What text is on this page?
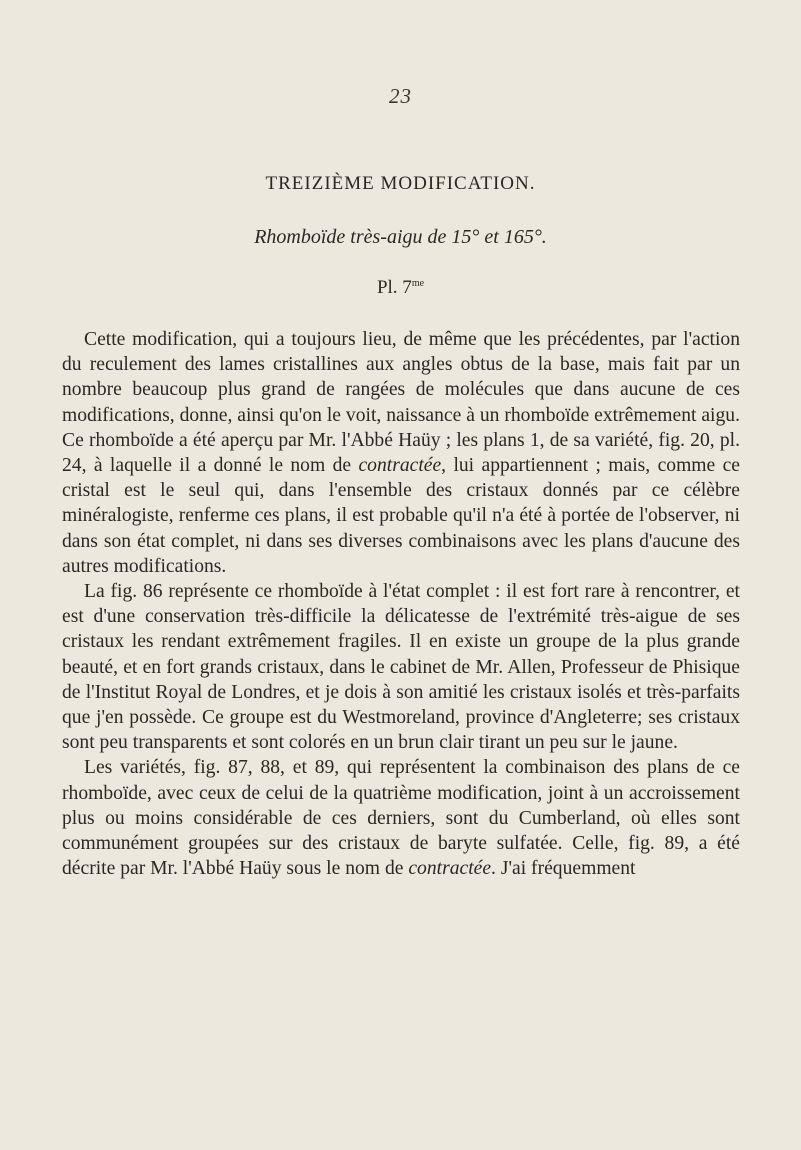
23
TREIZIÈME MODIFICATION.
Rhomboïde très-aigu de 15° et 165°.
Pl. $7^{me}$

Cette modification, qui a toujours lieu, de même que les précédentes, par l'action du reculement des lames cristallines aux angles obtus de la base, mais fait par un nombre beaucoup plus grand de rangées de molécules que dans aucune de ces modifications, donne, ainsi qu'on le voit, naissance à un rhomboïde extrêmement aigu. Ce rhomboïde a été aperçu par Mr. l'Abbé Haüy ; les plans 1, de sa variété, fig. 20, pl. 24, à laquelle il a donné le nom de contractée, lui appartiennent ; mais, comme ce cristal est le seul qui, dans l'ensemble des cristaux donnés par ce célèbre minéralogiste, renferme ces plans, il est probable qu'il n'a été à portée de l'observer, ni dans son état complet, ni dans ses diverses combinaisons avec les plans d'aucune des autres modifications.

La fig. 86 représente ce rhomboïde à l'état complet : il est fort rare à rencontrer, et est d'une conservation très-difficile la délicatesse de l'extrémité très-aigue de ses cristaux les rendant extrêmement fragiles. Il en existe un groupe de la plus grande beauté, et en fort grands cristaux, dans le cabinet de Mr. Allen, Professeur de Phisique de l'Institut Royal de Londres, et je dois à son amitié les cristaux isolés et très-parfaits que j'en possède. Ce groupe est du Westmoreland, province d'Angleterre; ses cristaux sont peu transparents et sont colorés en un brun clair tirant un peu sur le jaune.

Les variétés, fig. 87, 88, et 89, qui représentent la combinaison des plans de ce rhomboïde, avec ceux de celui de la quatrième modification, joint à un accroissement plus ou moins considérable de ces derniers, sont du Cumberland, où elles sont communément groupées sur des cristaux de baryte sulfatée. Celle, fig. 89, a été décrite par Mr. l'Abbé Haüy sous le nom de contractée. J'ai fréquemment
